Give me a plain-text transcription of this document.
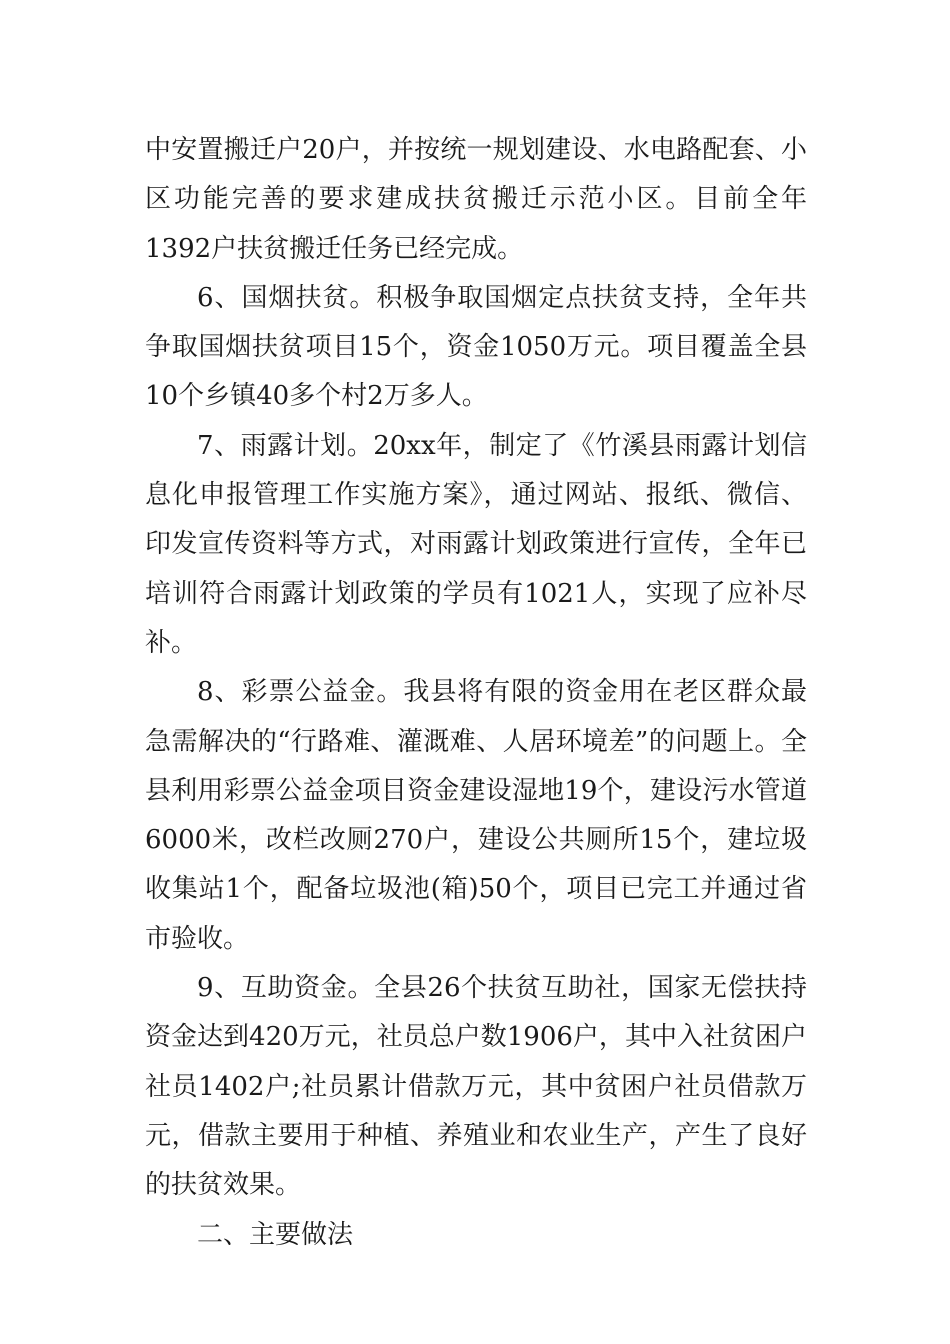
中安置搬迁户20户，并按统一规划建设、水电路配套、小区功能完善的要求建成扶贫搬迁示范小区。目前全年1392户扶贫搬迁任务已经完成。

6、国烟扶贫。积极争取国烟定点扶贫支持，全年共争取国烟扶贫项目15个，资金1050万元。项目覆盖全县10个乡镇40多个村2万多人。

7、雨露计划。20xx年，制定了《竹溪县雨露计划信息化申报管理工作实施方案》，通过网站、报纸、微信、印发宣传资料等方式，对雨露计划政策进行宣传，全年已培训符合雨露计划政策的学员有1021人，实现了应补尽补。

8、彩票公益金。我县将有限的资金用在老区群众最急需解决的“行路难、灌溉难、人居环境差”的问题上。全县利用彩票公益金项目资金建设湿地19个，建设污水管道6000米，改栏改厕270户，建设公共厕所15个，建垃圾收集站1个，配备垃圾池(箱)50个，项目已完工并通过省市验收。

9、互助资金。全县26个扶贫互助社，国家无偿扶持资金达到420万元，社员总户数1906户，其中入社贫困户社员1402户;社员累计借款万元，其中贫困户社员借款万元，借款主要用于种植、养殖业和农业生产，产生了良好的扶贫效果。

二、主要做法
